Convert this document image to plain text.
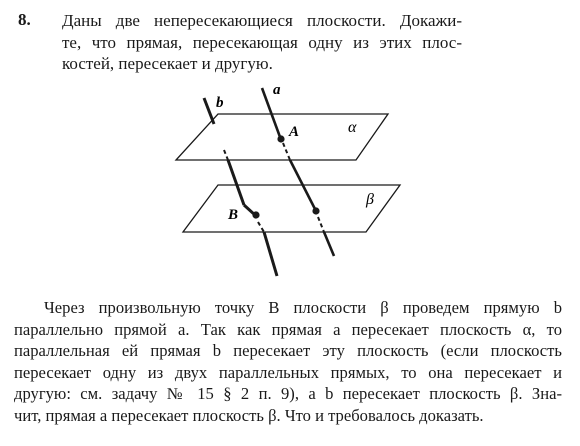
8. Даны две непересекающиеся плоскости. Докажи-
те, что прямая, пересекающая одну из этих плос-
костей, пересекает и другую.
b
a
A
B
α
β
Через произвольную точку B плоскости β проведем прямую b
параллельно прямой a. Так как прямая a пересекает плоскость α, то
параллельная ей прямая b пересекает эту плоскость (если плоскость
пересекает одну из двух параллельных прямых, то она пересекает и
другую: см. задачу № 15 § 2 п. 9), а b пересекает плоскость β. Зна-
чит, прямая a пересекает плоскость β. Что и требовалось доказать.
